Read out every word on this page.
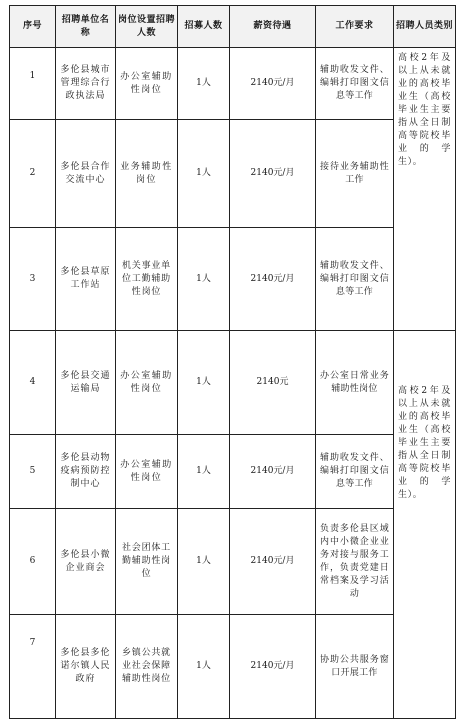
序号	招聘单位名称	岗位设置招聘人数	招募人数	薪资待遇	工作要求	招聘人员类别

1	多伦县城市管理综合行政执法局	办公室辅助性岗位	1人	2140元/月	辅助收发文件、编辑打印图文信息等工作	高校2年及以上从未就业的高校毕业生（高校毕业生主要指从全日制高等院校毕业的学生）。

2	多伦县合作交流中心	业务辅助性岗位	1人	2140元/月	接待业务辅助性工作	

3	多伦县草原工作站	机关事业单位工勤辅助性岗位	1人	2140元/月	辅助收发文件、编辑打印图文信息等工作	

4	多伦县交通运输局	办公室辅助性岗位	1人	2140元	办公室日常业务辅助性岗位	高校2年及以上从未就业的高校毕业生（高校毕业生主要指从全日制高等院校毕业的学生）。

5	多伦县动物疫病预防控制中心	办公室辅助性岗位	1人	2140元/月	辅助收发文件、编辑打印图文信息等工作	

6	多伦县小微企业商会	社会团体工勤辅助性岗位	1人	2140元/月	负责多伦县区域内中小微企业业务对接与服务工作，负责党建日常档案及学习活动	

7	多伦县多伦诺尔镇人民政府	乡镇公共就业社会保障辅助性岗位	1人	2140元/月	协助公共服务窗口开展工作	
